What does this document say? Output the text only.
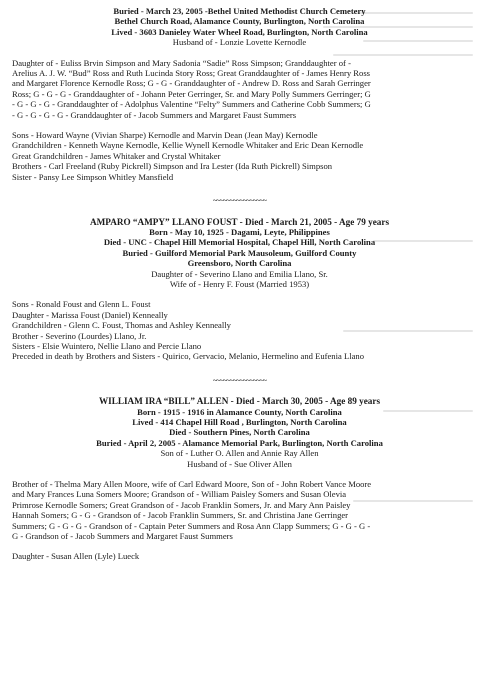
Buried - March 23, 2005 -Bethel United Methodist Church Cemetery
Bethel Church Road, Alamance County, Burlington, North Carolina
Lived - 3603 Danieley Water Wheel Road, Burlington, North Carolina
Husband of - Lonzie Lovette Kernodle
Daughter of - Euliss Brvin Simpson and Mary Sadonia “Sadie” Ross Simpson; Granddaughter of -
Arelius A. J. W. “Bud” Ross and Ruth Lucinda Story Ross; Great Granddaughter of - James Henry Ross
and Margaret Florence Kernodle Ross; G - G - Granddaughter of - Andrew D. Ross and Sarah Gerringer
Ross; G - G - G - Granddaughter of - Johann Peter Gerringer, Sr. and Mary Polly Summers Gerringer; G
- G - G - G - Granddaughter of - Adolphus Valentine “Felty” Summers and Catherine Cobb Summers; G
- G - G - G - G - Granddaughter of - Jacob Summers and Margaret Faust Summers
Sons - Howard Wayne (Vivian Sharpe) Kernodle and Marvin Dean (Jean May) Kernodle
Grandchildren - Kenneth Wayne Kernodle, Kellie Wynell Kernodle Whitaker and Eric Dean Kernodle
Great Grandchildren - James Whitaker and Crystal Whitaker
Brothers - Carl Freeland (Ruby Pickrell) Simpson and Ira Lester (Ida Ruth Pickrell) Simpson
Sister - Pansy Lee Simpson Whitley Mansfield
~~~~~~~~~~~~~~~~
AMPARO “AMPY” LLANO FOUST - Died - March 21, 2005 - Age 79 years
Born - May 10, 1925 - Dagami, Leyte, Philippines
Died - UNC - Chapel Hill Memorial Hospital, Chapel Hill, North Carolina
Buried - Guilford Memorial Park Mausoleum, Guilford County
Greensboro, North Carolina
Daughter of - Severino Llano and Emilia Llano, Sr.
Wife of - Henry F. Foust (Married 1953)
Sons - Ronald Foust and Glenn L. Foust
Daughter - Marissa Foust (Daniel) Kenneally
Grandchildren - Glenn C. Foust, Thomas and Ashley Kenneally
Brother - Severino (Lourdes) Llano, Jr.
Sisters - Elsie Wuintero, Nellie Llano and Percie Llano
Preceded in death by Brothers and Sisters - Quirico, Gervacio, Melanio, Hermelino and Eufenia Llano
~~~~~~~~~~~~~~~~
WILLIAM IRA “BILL” ALLEN - Died - March 30, 2005 - Age 89 years
Born - 1915 - 1916 in Alamance County, North Carolina
Lived - 414 Chapel Hill Road , Burlington, North Carolina
Died - Southern Pines, North Carolina
Buried - April 2, 2005 - Alamance Memorial Park, Burlington, North Carolina
Son of - Luther O. Allen and Annie Ray Allen
Husband of - Sue Oliver Allen
Brother of - Thelma Mary Allen Moore, wife of Carl Edward Moore, Son of - John Robert Vance Moore
and Mary Frances Luna Somers Moore; Grandson of - William Paisley Somers and Susan Olevia
Primrose Kernodle Somers; Great Grandson of - Jacob Franklin Somers, Jr. and Mary Ann Paisley
Hannah Somers; G - G - Grandson of - Jacob Franklin Summers, Sr. and Christina Jane Gerringer
Summers; G - G - G - Grandson of - Captain Peter Summers and Rosa Ann Clapp Summers; G - G - G -
G - Grandson of - Jacob Summers and Margaret Faust Summers
Daughter - Susan Allen (Lyle) Lueck
